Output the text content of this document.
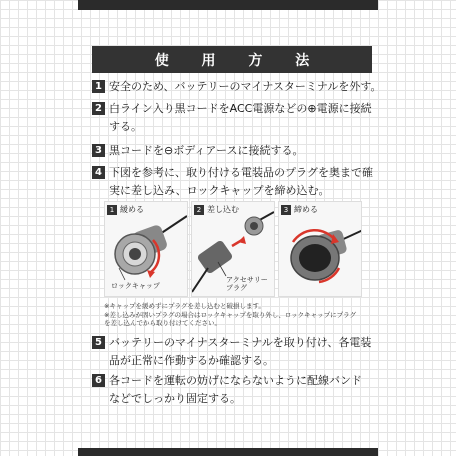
使 用 方 法
1 安全のため、バッテリーのマイナスターミナルを外す。
2 白ライン入り黒コードをACC電源などの⊕電源に接続
する。
3 黒コードを⊖ボディアースに接続する。
4 下図を参考に、取り付ける電装品のプラグを奥まで確
実に差し込み、ロックキャップを締め込む。
1 緩める
ロックキャップ
2 差し込む
アクセサリー
プラグ
3 締める
※キャップを緩めずにプラグを差し込むと破損します。
※差し込みが固いプラグの場合はロックキャップを取り外し、ロックキャップにプラグ
を差し込んでから取り付けてください。
5 バッテリーのマイナスターミナルを取り付け、各電装
品が正常に作動するか確認する。
6 各コードを運転の妨げにならないように配線バンド
などでしっかり固定する。
